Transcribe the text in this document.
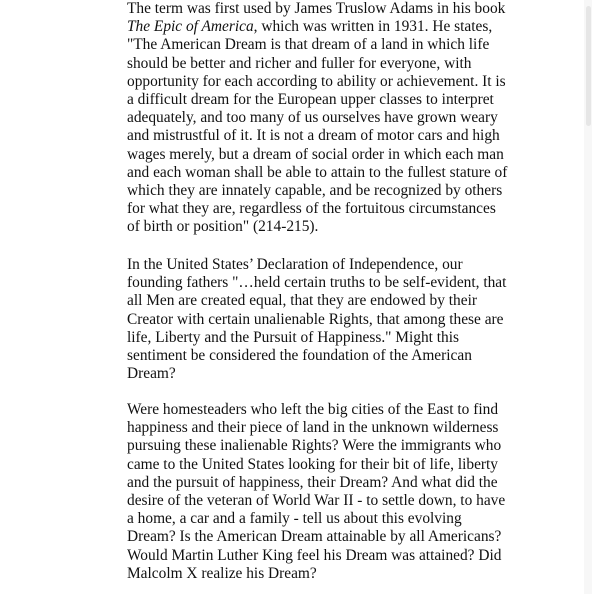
The term was first used by James Truslow Adams in his book
The Epic of America, which was written in 1931. He states,
"The American Dream is that dream of a land in which life
should be better and richer and fuller for everyone, with
opportunity for each according to ability or achievement. It is
a difficult dream for the European upper classes to interpret
adequately, and too many of us ourselves have grown weary
and mistrustful of it. It is not a dream of motor cars and high
wages merely, but a dream of social order in which each man
and each woman shall be able to attain to the fullest stature of
which they are innately capable, and be recognized by others
for what they are, regardless of the fortuitous circumstances
of birth or position" (214-215).

In the United States’ Declaration of Independence, our
founding fathers "…held certain truths to be self-evident, that
all Men are created equal, that they are endowed by their
Creator with certain unalienable Rights, that among these are
life, Liberty and the Pursuit of Happiness." Might this
sentiment be considered the foundation of the American
Dream?

Were homesteaders who left the big cities of the East to find
happiness and their piece of land in the unknown wilderness
pursuing these inalienable Rights? Were the immigrants who
came to the United States looking for their bit of life, liberty
and the pursuit of happiness, their Dream? And what did the
desire of the veteran of World War II - to settle down, to have
a home, a car and a family - tell us about this evolving
Dream? Is the American Dream attainable by all Americans?
Would Martin Luther King feel his Dream was attained? Did
Malcolm X realize his Dream?
